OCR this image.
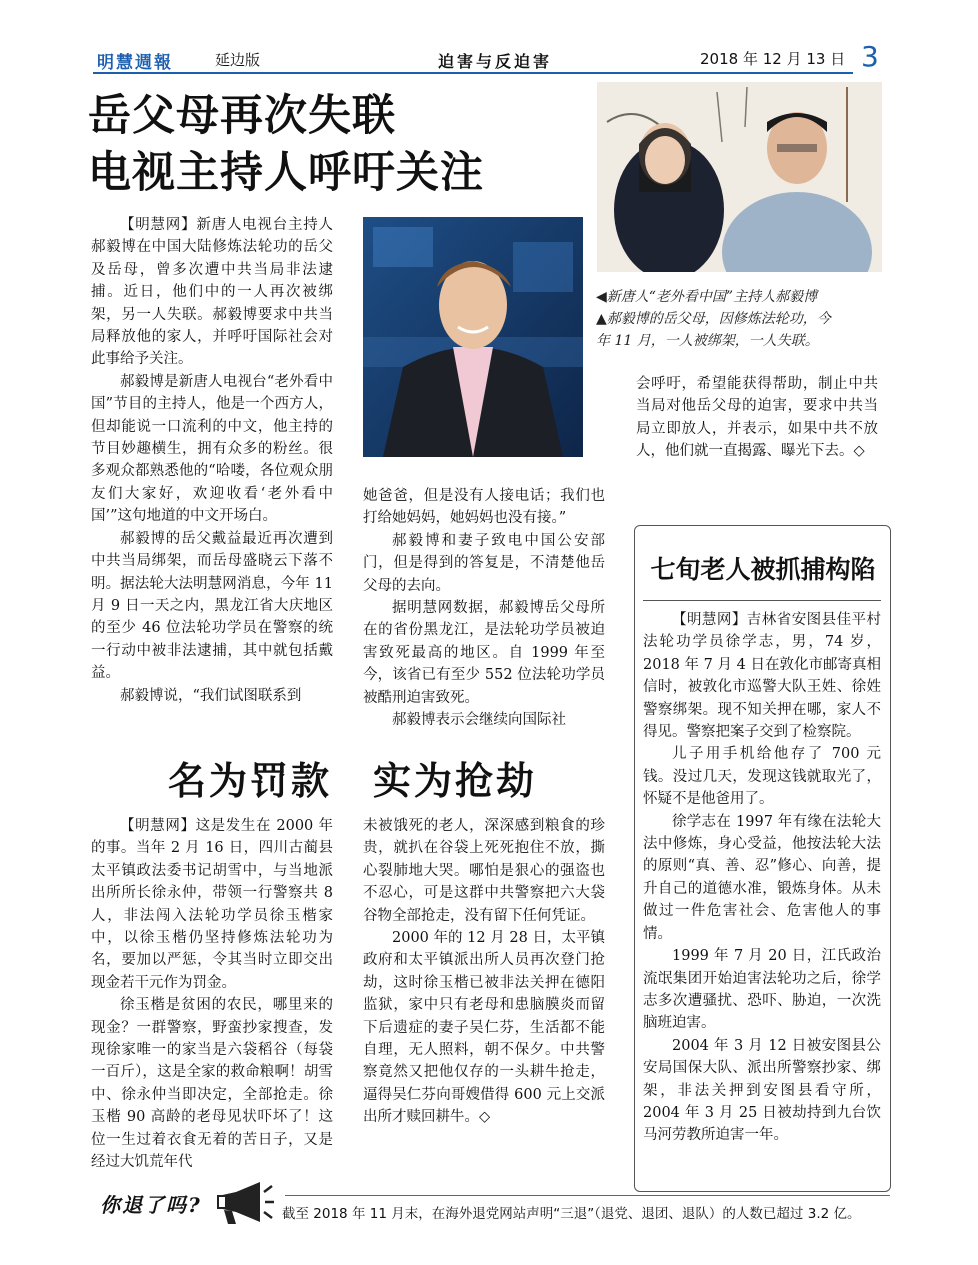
明慧週報	延边版	迫害与反迫害	2018 年 12 月 13 日 3
岳父母再次失联
电视主持人呼吁关注
◀新唐人“老外看中国”主持人郝毅博
▲郝毅博的岳父母，因修炼法轮功，今
年 11 月，一人被绑架，一人失联。

【明慧网】新唐人电视台主持人郝毅博在中国大陆修炼法轮功的岳父及岳母，曾多次遭中共当局非法逮捕。近日，他们中的一人再次被绑架，另一人失联。郝毅博要求中共当局释放他的家人，并呼吁国际社会对此事给予关注。

郝毅博是新唐人电视台“老外看中国”节目的主持人，他是一个西方人，但却能说一口流利的中文，他主持的节目妙趣横生，拥有众多的粉丝。很多观众都熟悉他的“哈喽，各位观众朋友们大家好，欢迎收看‘老外看中国’”这句地道的中文开场白。

郝毅博的岳父戴益最近再次遭到中共当局绑架，而岳母盛晓云下落不明。据法轮大法明慧网消息，今年 11 月 9 日一天之内，黑龙江省大庆地区的至少 46 位法轮功学员在警察的统一行动中被非法逮捕，其中就包括戴益。

郝毅博说，“我们试图联系到

她爸爸，但是没有人接电话；我们也打给她妈妈，她妈妈也没有接。”

郝毅博和妻子致电中国公安部门，但是得到的答复是，不清楚他岳父母的去向。

据明慧网数据，郝毅博岳父母所在的省份黑龙江，是法轮功学员被迫害致死最高的地区。自 1999 年至今，该省已有至少 552 位法轮功学员被酷刑迫害致死。

郝毅博表示会继续向国际社

会呼吁，希望能获得帮助，制止中共当局对他岳父母的迫害，要求中共当局立即放人，并表示，如果中共不放人，他们就一直揭露、曝光下去。◇

名为罚款　实为抢劫

【明慧网】这是发生在 2000 年的事。当年 2 月 16 日，四川古蔺县太平镇政法委书记胡雪中，与当地派出所所长徐永仲，带领一行警察共 8 人，非法闯入法轮功学员徐玉楷家中，以徐玉楷仍坚持修炼法轮功为名，要加以严惩，令其当时立即交出现金若干元作为罚金。

徐玉楷是贫困的农民，哪里来的现金？一群警察，野蛮抄家搜查，发现徐家唯一的家当是六袋稻谷（每袋一百斤），这是全家的救命粮啊！胡雪中、徐永仲当即决定，全部抢走。徐玉楷 90 高龄的老母见状吓坏了！这位一生过着衣食无着的苦日子，又是经过大饥荒年代

未被饿死的老人，深深感到粮食的珍贵，就扒在谷袋上死死抱住不放，撕心裂肺地大哭。哪怕是狠心的强盗也不忍心，可是这群中共警察把六大袋谷物全部抢走，没有留下任何凭证。

2000 年的 12 月 28 日，太平镇政府和太平镇派出所人员再次登门抢劫，这时徐玉楷已被非法关押在德阳监狱，家中只有老母和患脑膜炎而留下后遗症的妻子吴仁芬，生活都不能自理，无人照料，朝不保夕。中共警察竟然又把他仅存的一头耕牛抢走，逼得吴仁芬向哥嫂借得 600 元上交派出所才赎回耕牛。◇

七旬老人被抓捕构陷

【明慧网】吉林省安图县佳平村法轮功学员徐学志，男，74 岁，2018 年 7 月 4 日在敦化市邮寄真相信时，被敦化市巡警大队王姓、徐姓警察绑架。现不知关押在哪，家人不得见。警察把案子交到了检察院。

儿子用手机给他存了 700 元钱。没过几天，发现这钱就取光了，怀疑不是他爸用了。

徐学志在 1997 年有缘在法轮大法中修炼，身心受益，他按法轮大法的原则“真、善、忍”修心、向善，提升自己的道德水准，锻炼身体。从未做过一件危害社会、危害他人的事情。

1999 年 7 月 20 日，江氏政治流氓集团开始迫害法轮功之后，徐学志多次遭骚扰、恐吓、胁迫，一次洗脑班迫害。

2004 年 3 月 12 日被安图县公安局国保大队、派出所警察抄家、绑架，非法关押到安图县看守所，2004 年 3 月 25 日被劫持到九台饮马河劳教所迫害一年。

你退了吗?	截至 2018 年 11 月末，在海外退党网站声明“三退”（退党、退团、退队）的人数已超过 3.2 亿。
